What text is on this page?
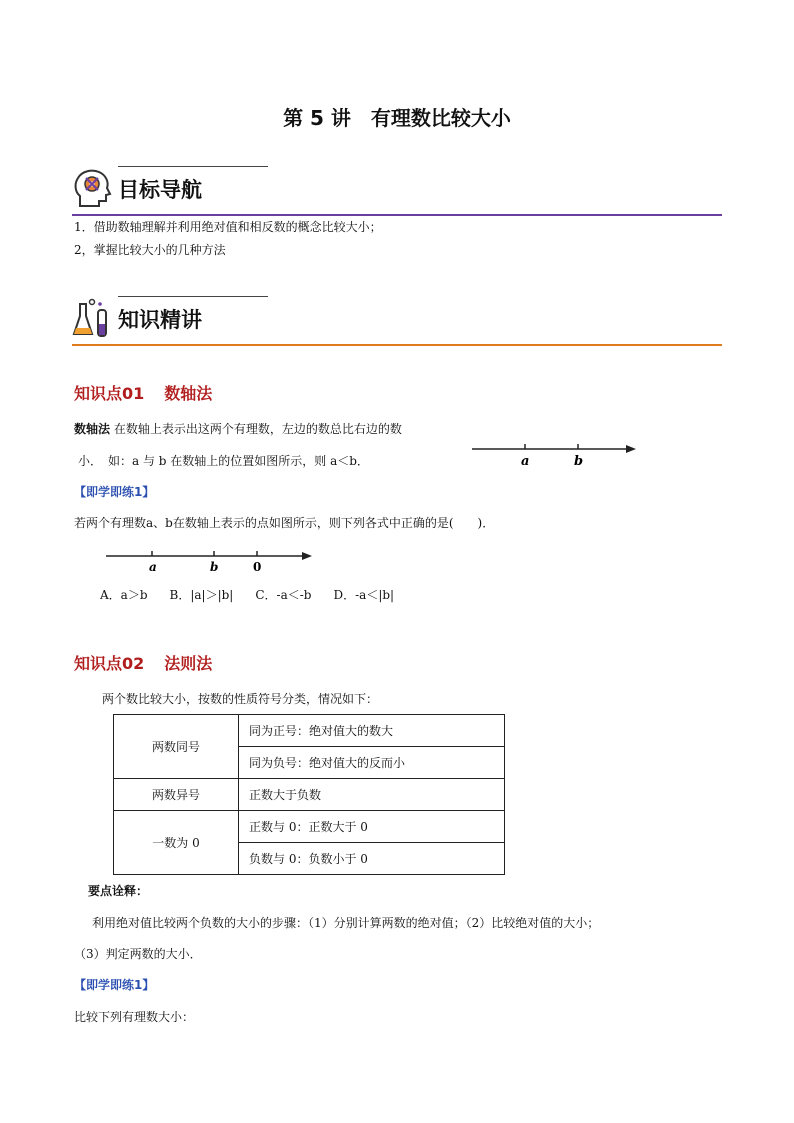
第 5 讲　有理数比较大小
目标导航
1．借助数轴理解并利用绝对值和相反数的概念比较大小；
2，掌握比较大小的几种方法
知识精讲
知识点01 数轴法
数轴法 在数轴上表示出这两个有理数，左边的数总比右边的数
小．　如：a 与 b 在数轴上的位置如图所示，则 a＜b．	a	b
【即学即练1】
若两个有理数a、b在数轴上表示的点如图所示，则下列各式中正确的是(　　)．
a	b	0
A．a＞b B．|a|＞|b| C．-a＜-b D．-a＜|b|
知识点02 法则法
两个数比较大小，按数的性质符号分类，情况如下：
两数同号	同为正号：绝对值大的数大
	同为负号：绝对值大的反而小
两数异号	正数大于负数
一数为 0	正数与 0：正数大于 0
	负数与 0：负数小于 0
要点诠释：
利用绝对值比较两个负数的大小的步骤：（1）分别计算两数的绝对值；（2）比较绝对值的大小；
（3）判定两数的大小．
【即学即练1】
比较下列有理数大小：
